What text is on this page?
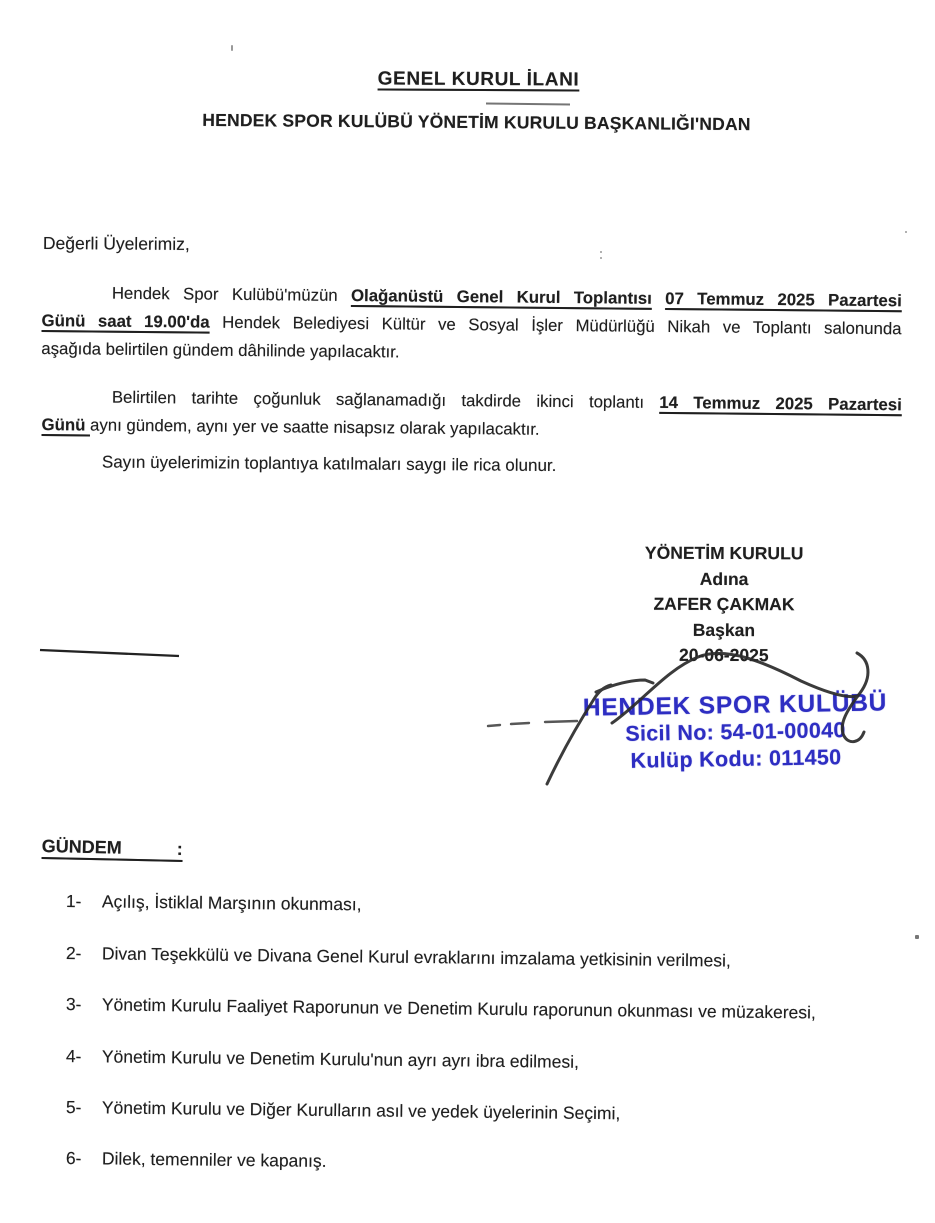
GENEL KURUL İLANI
HENDEK SPOR KULÜBÜ YÖNETİM KURULU BAŞKANLIĞI'NDAN
Değerli Üyelerimiz,
Hendek Spor Kulübü'müzün Olağanüstü Genel Kurul Toplantısı 07 Temmuz 2025 Pazartesi
Günü saat 19.00'da Hendek Belediyesi Kültür ve Sosyal İşler Müdürlüğü Nikah ve Toplantı salonunda
aşağıda belirtilen gündem dâhilinde yapılacaktır.
Belirtilen tarihte çoğunluk sağlanamadığı takdirde ikinci toplantı 14 Temmuz 2025 Pazartesi
Günü aynı gündem, aynı yer ve saatte nisapsız olarak yapılacaktır.
Sayın üyelerimizin toplantıya katılmaları saygı ile rica olunur.
YÖNETİM KURULU
Adına
ZAFER ÇAKMAK
Başkan
20-06-2025
HENDEK SPOR KULÜBÜ
Sicil No: 54-01-00040
Kulüp Kodu: 011450
GÜNDEM           :
1-	Açılış, İstiklal Marşının okunması,
2-	Divan Teşekkülü ve Divana Genel Kurul evraklarını imzalama yetkisinin verilmesi,
3-	Yönetim Kurulu Faaliyet Raporunun ve Denetim Kurulu raporunun okunması ve müzakeresi,
4-	Yönetim Kurulu ve Denetim Kurulu'nun ayrı ayrı ibra edilmesi,
5-	Yönetim Kurulu ve Diğer Kurulların asıl ve yedek üyelerinin Seçimi,
6-	Dilek, temenniler ve kapanış.
